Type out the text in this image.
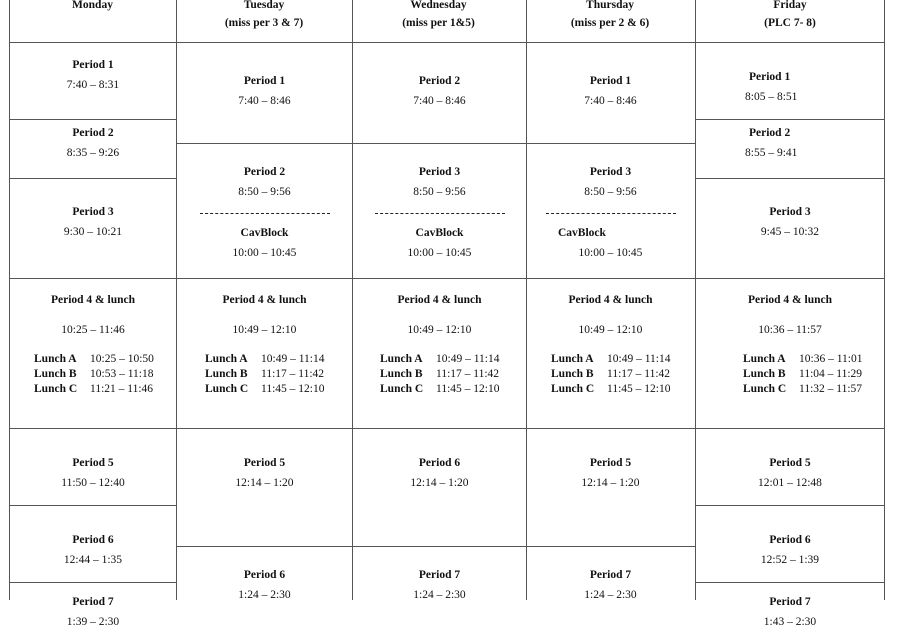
Monday	Tuesday
(miss per 3 & 7)
Wednesday
(miss per 1&5)
Thursday
(miss per 2 & 6)
Friday
(PLC 7- 8)
Period 1
7:40 – 8:31
Period 2
8:35 – 9:26
Period 3
9:30 – 10:21
Period 4 & lunch
10:25 – 11:46
Lunch A 10:25 – 10:50
Lunch B 10:53 – 11:18
Lunch C 11:21 – 11:46
Period 5
11:50 – 12:40
Period 6
12:44 – 1:35
Period 7
1:39 – 2:30
Period 1
7:40 – 8:46
Period 2
8:50 – 9:56
CavBlock
10:00 – 10:45
Period 4 & lunch
10:49 – 12:10
Lunch A 10:49 – 11:14
Lunch B 11:17 – 11:42
Lunch C 11:45 – 12:10
Period 5
12:14 – 1:20
Period 6
1:24 – 2:30
Period 2
7:40 – 8:46
Period 3
8:50 – 9:56
CavBlock
10:00 – 10:45
Period 4 & lunch
10:49 – 12:10
Lunch A 10:49 – 11:14
Lunch B 11:17 – 11:42
Lunch C 11:45 – 12:10
Period 6
12:14 – 1:20
Period 7
1:24 – 2:30
Period 1
7:40 – 8:46
Period 3
8:50 – 9:56
CavBlock
10:00 – 10:45
Period 4 & lunch
10:49 – 12:10
Lunch A 10:49 – 11:14
Lunch B 11:17 – 11:42
Lunch C 11:45 – 12:10
Period 5
12:14 – 1:20
Period 7
1:24 – 2:30
Period 1
8:05 – 8:51
Period 2
8:55 – 9:41
Period 3
9:45 – 10:32
Period 4 & lunch
10:36 – 11:57
Lunch A 10:36 – 11:01
Lunch B 11:04 – 11:29
Lunch C 11:32 – 11:57
Period 5
12:01 – 12:48
Period 6
12:52 – 1:39
Period 7
1:43 – 2:30
